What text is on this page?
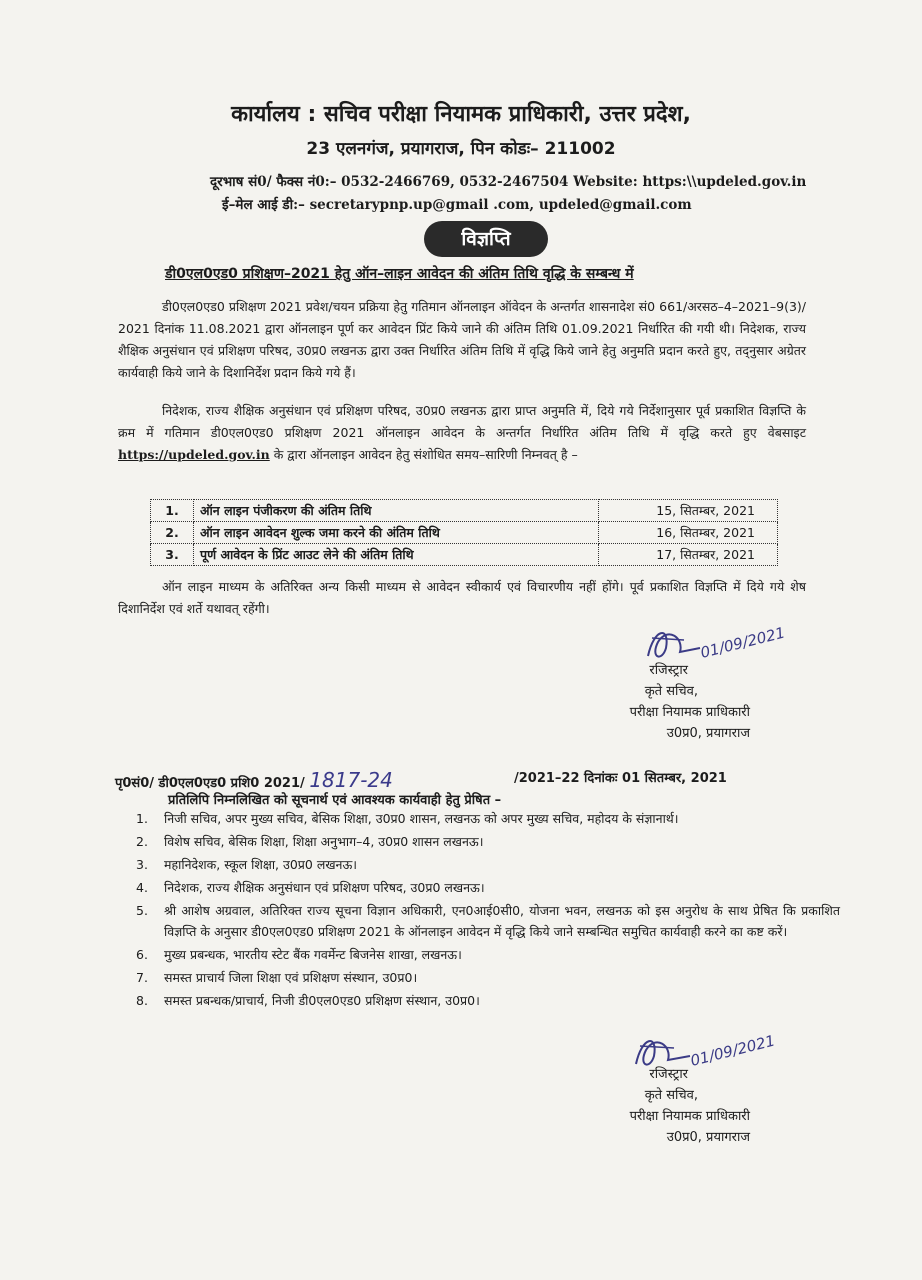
कार्यालय : सचिव परीक्षा नियामक प्राधिकारी, उत्तर प्रदेश,
23 एलनगंज, प्रयागराज, पिन कोडः– 211002
दूरभाष सं0/ फैक्स नं0:– 0532-2466769, 0532-2467504 Website: https:\\updeled.gov.in
ई–मेल आई डी:– secretarypnp.up@gmail .com, updeled@gmail.com
विज्ञप्ति
डी0एल0एड0 प्रशिक्षण–2021 हेतु ऑन–लाइन आवेदन की अंतिम तिथि वृद्धि के सम्बन्ध में
डी0एल0एड0 प्रशिक्षण 2021 प्रवेश/चयन प्रक्रिया हेतु गतिमान ऑनलाइन ऑवेदन के अन्तर्गत शासनादेश सं0 661/अरसठ–4–2021–9(3)/ 2021 दिनांक 11.08.2021 द्वारा ऑनलाइन पूर्ण कर आवेदन प्रिंट किये जाने की अंतिम तिथि 01.09.2021 निर्धारित की गयी थी। निदेशक, राज्य शैक्षिक अनुसंधान एवं प्रशिक्षण परिषद, उ0प्र0 लखनऊ द्वारा उक्त निर्धारित अंतिम तिथि में वृद्धि किये जाने हेतु अनुमति प्रदान करते हुए, तद्नुसार अग्रेतर कार्यवाही किये जाने के दिशानिर्देश प्रदान किये गये हैं।
निदेशक, राज्य शैक्षिक अनुसंधान एवं प्रशिक्षण परिषद, उ0प्र0 लखनऊ द्वारा प्राप्त अनुमति में, दिये गये निर्देशानुसार पूर्व प्रकाशित विज्ञप्ति के क्रम में गतिमान डी0एल0एड0 प्रशिक्षण 2021 ऑनलाइन आवेदन के अन्तर्गत निर्धारित अंतिम तिथि में वृद्धि करते हुए वेबसाइट https://updeled.gov.in के द्वारा ऑनलाइन आवेदन हेतु संशोधित समय–सारिणी निम्नवत् है –
1.	ऑन लाइन पंजीकरण की अंतिम तिथि	15, सितम्बर, 2021
2.	ऑन लाइन आवेदन शुल्क जमा करने की अंतिम तिथि	16, सितम्बर, 2021
3.	पूर्ण आवेदन के प्रिंट आउट लेने की अंतिम तिथि	17, सितम्बर, 2021
ऑन लाइन माध्यम के अतिरिक्त अन्य किसी माध्यम से आवेदन स्वीकार्य एवं विचारणीय नहीं होंगे। पूर्व प्रकाशित विज्ञप्ति में दिये गये शेष दिशानिर्देश एवं शर्ते यथावत् रहेंगी।
01/09/2021
रजिस्ट्रार
कृते सचिव,
परीक्षा नियामक प्राधिकारी
उ0प्र0, प्रयागराज
पृ0सं0/ डी0एल0एड0 प्रशि0 2021/ 1817-24	/2021–22 दिनांकः 01 सितम्बर, 2021
प्रतिलिपि निम्नलिखित को सूचनार्थ एवं आवश्यक कार्यवाही हेतु प्रेषित –
1. निजी सचिव, अपर मुख्य सचिव, बेसिक शिक्षा, उ0प्र0 शासन, लखनऊ को अपर मुख्य सचिव, महोदय के संज्ञानार्थ।
2. विशेष सचिव, बेसिक शिक्षा, शिक्षा अनुभाग–4, उ0प्र0 शासन लखनऊ।
3. महानिदेशक, स्कूल शिक्षा, उ0प्र0 लखनऊ।
4. निदेशक, राज्य शैक्षिक अनुसंधान एवं प्रशिक्षण परिषद, उ0प्र0 लखनऊ।
5. श्री आशेष अग्रवाल, अतिरिक्त राज्य सूचना विज्ञान अधिकारी, एन0आई0सी0, योजना भवन, लखनऊ को इस अनुरोध के साथ प्रेषित कि प्रकाशित विज्ञप्ति के अनुसार डी0एल0एड0 प्रशिक्षण 2021 के ऑनलाइन आवेदन में वृद्धि किये जाने सम्बन्धित समुचित कार्यवाही करने का कष्ट करें।
6. मुख्य प्रबन्धक, भारतीय स्टेट बैंक गवर्मेन्ट बिजनेस शाखा, लखनऊ।
7. समस्त प्राचार्य जिला शिक्षा एवं प्रशिक्षण संस्थान, उ0प्र0।
8. समस्त प्रबन्धक/प्राचार्य, निजी डी0एल0एड0 प्रशिक्षण संस्थान, उ0प्र0।
01/09/2021
रजिस्ट्रार
कृते सचिव,
परीक्षा नियामक प्राधिकारी
उ0प्र0, प्रयागराज
